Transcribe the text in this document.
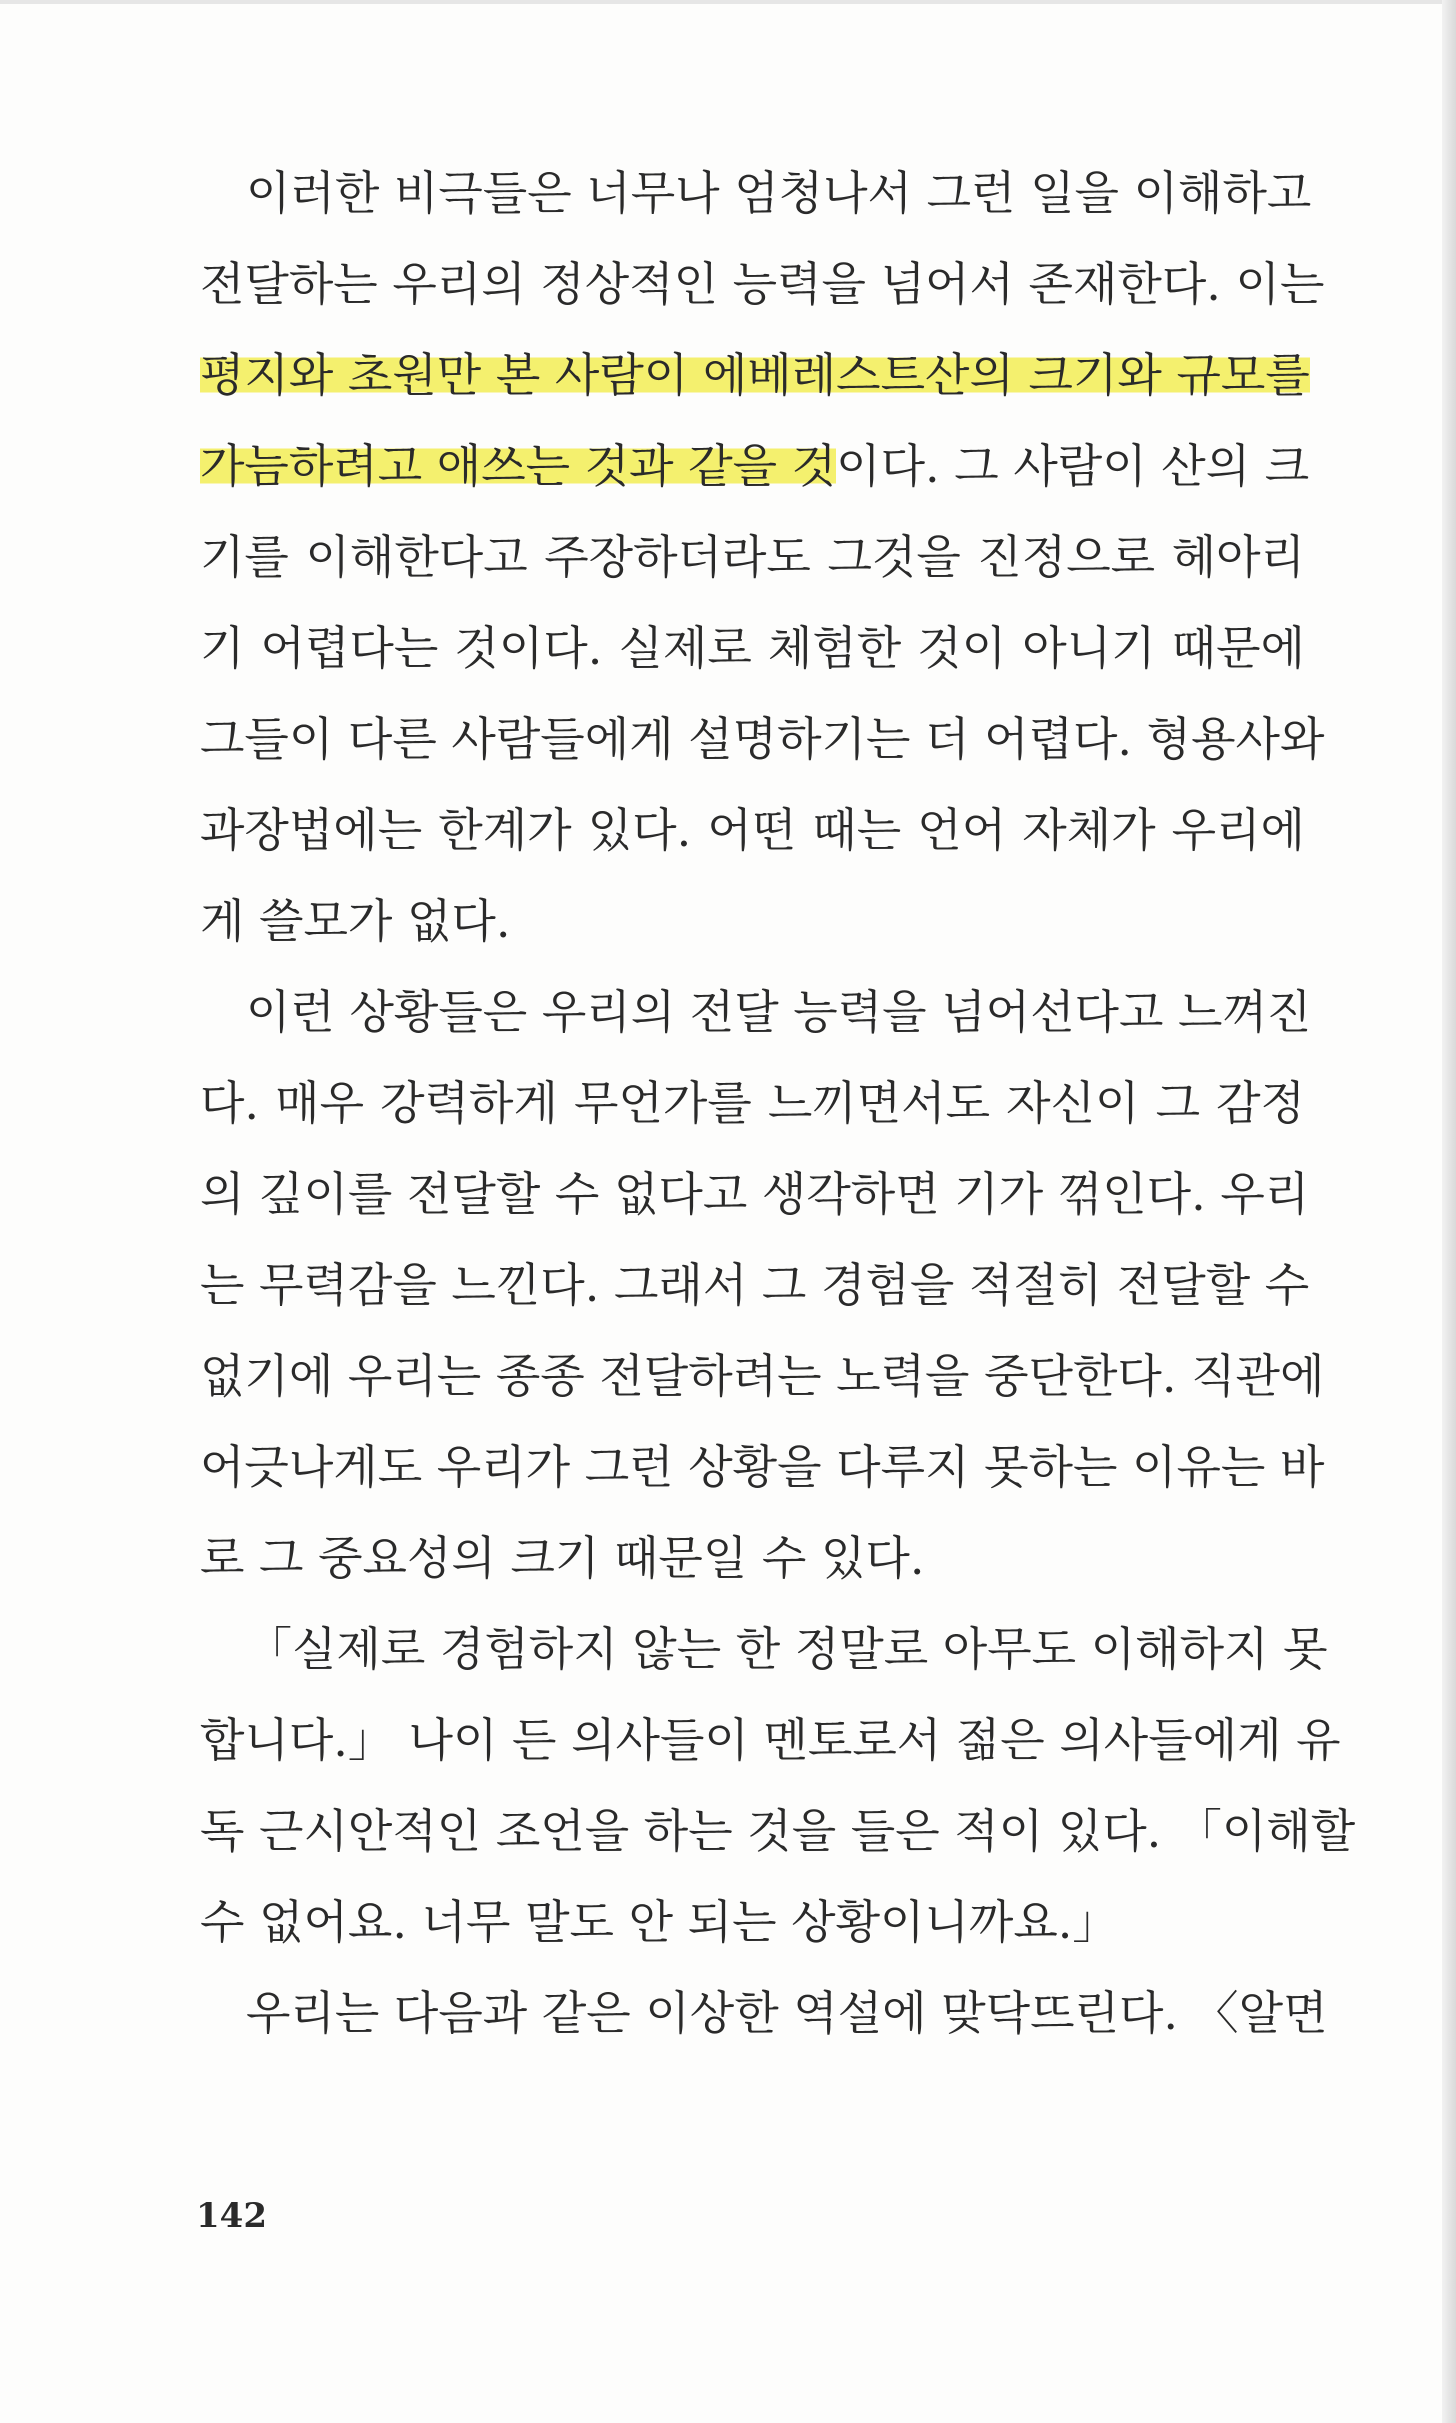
이러한 비극들은 너무나 엄청나서 그런 일을 이해하고
전달하는 우리의 정상적인 능력을 넘어서 존재한다. 이는
평지와 초원만 본 사람이 에베레스트산의 크기와 규모를
가늠하려고 애쓰는 것과 같을 것이다. 그 사람이 산의 크
기를 이해한다고 주장하더라도 그것을 진정으로 헤아리
기 어렵다는 것이다. 실제로 체험한 것이 아니기 때문에
그들이 다른 사람들에게 설명하기는 더 어렵다. 형용사와
과장법에는 한계가 있다. 어떤 때는 언어 자체가 우리에
게 쓸모가 없다.
이런 상황들은 우리의 전달 능력을 넘어선다고 느껴진
다. 매우 강력하게 무언가를 느끼면서도 자신이 그 감정
의 깊이를 전달할 수 없다고 생각하면 기가 꺾인다. 우리
는 무력감을 느낀다. 그래서 그 경험을 적절히 전달할 수
없기에 우리는 종종 전달하려는 노력을 중단한다. 직관에
어긋나게도 우리가 그런 상황을 다루지 못하는 이유는 바
로 그 중요성의 크기 때문일 수 있다.
「실제로 경험하지 않는 한 정말로 아무도 이해하지 못
합니다.」 나이 든 의사들이 멘토로서 젊은 의사들에게 유
독 근시안적인 조언을 하는 것을 들은 적이 있다. 「이해할
수 없어요. 너무 말도 안 되는 상황이니까요.」
우리는 다음과 같은 이상한 역설에 맞닥뜨린다. 〈알면
142
